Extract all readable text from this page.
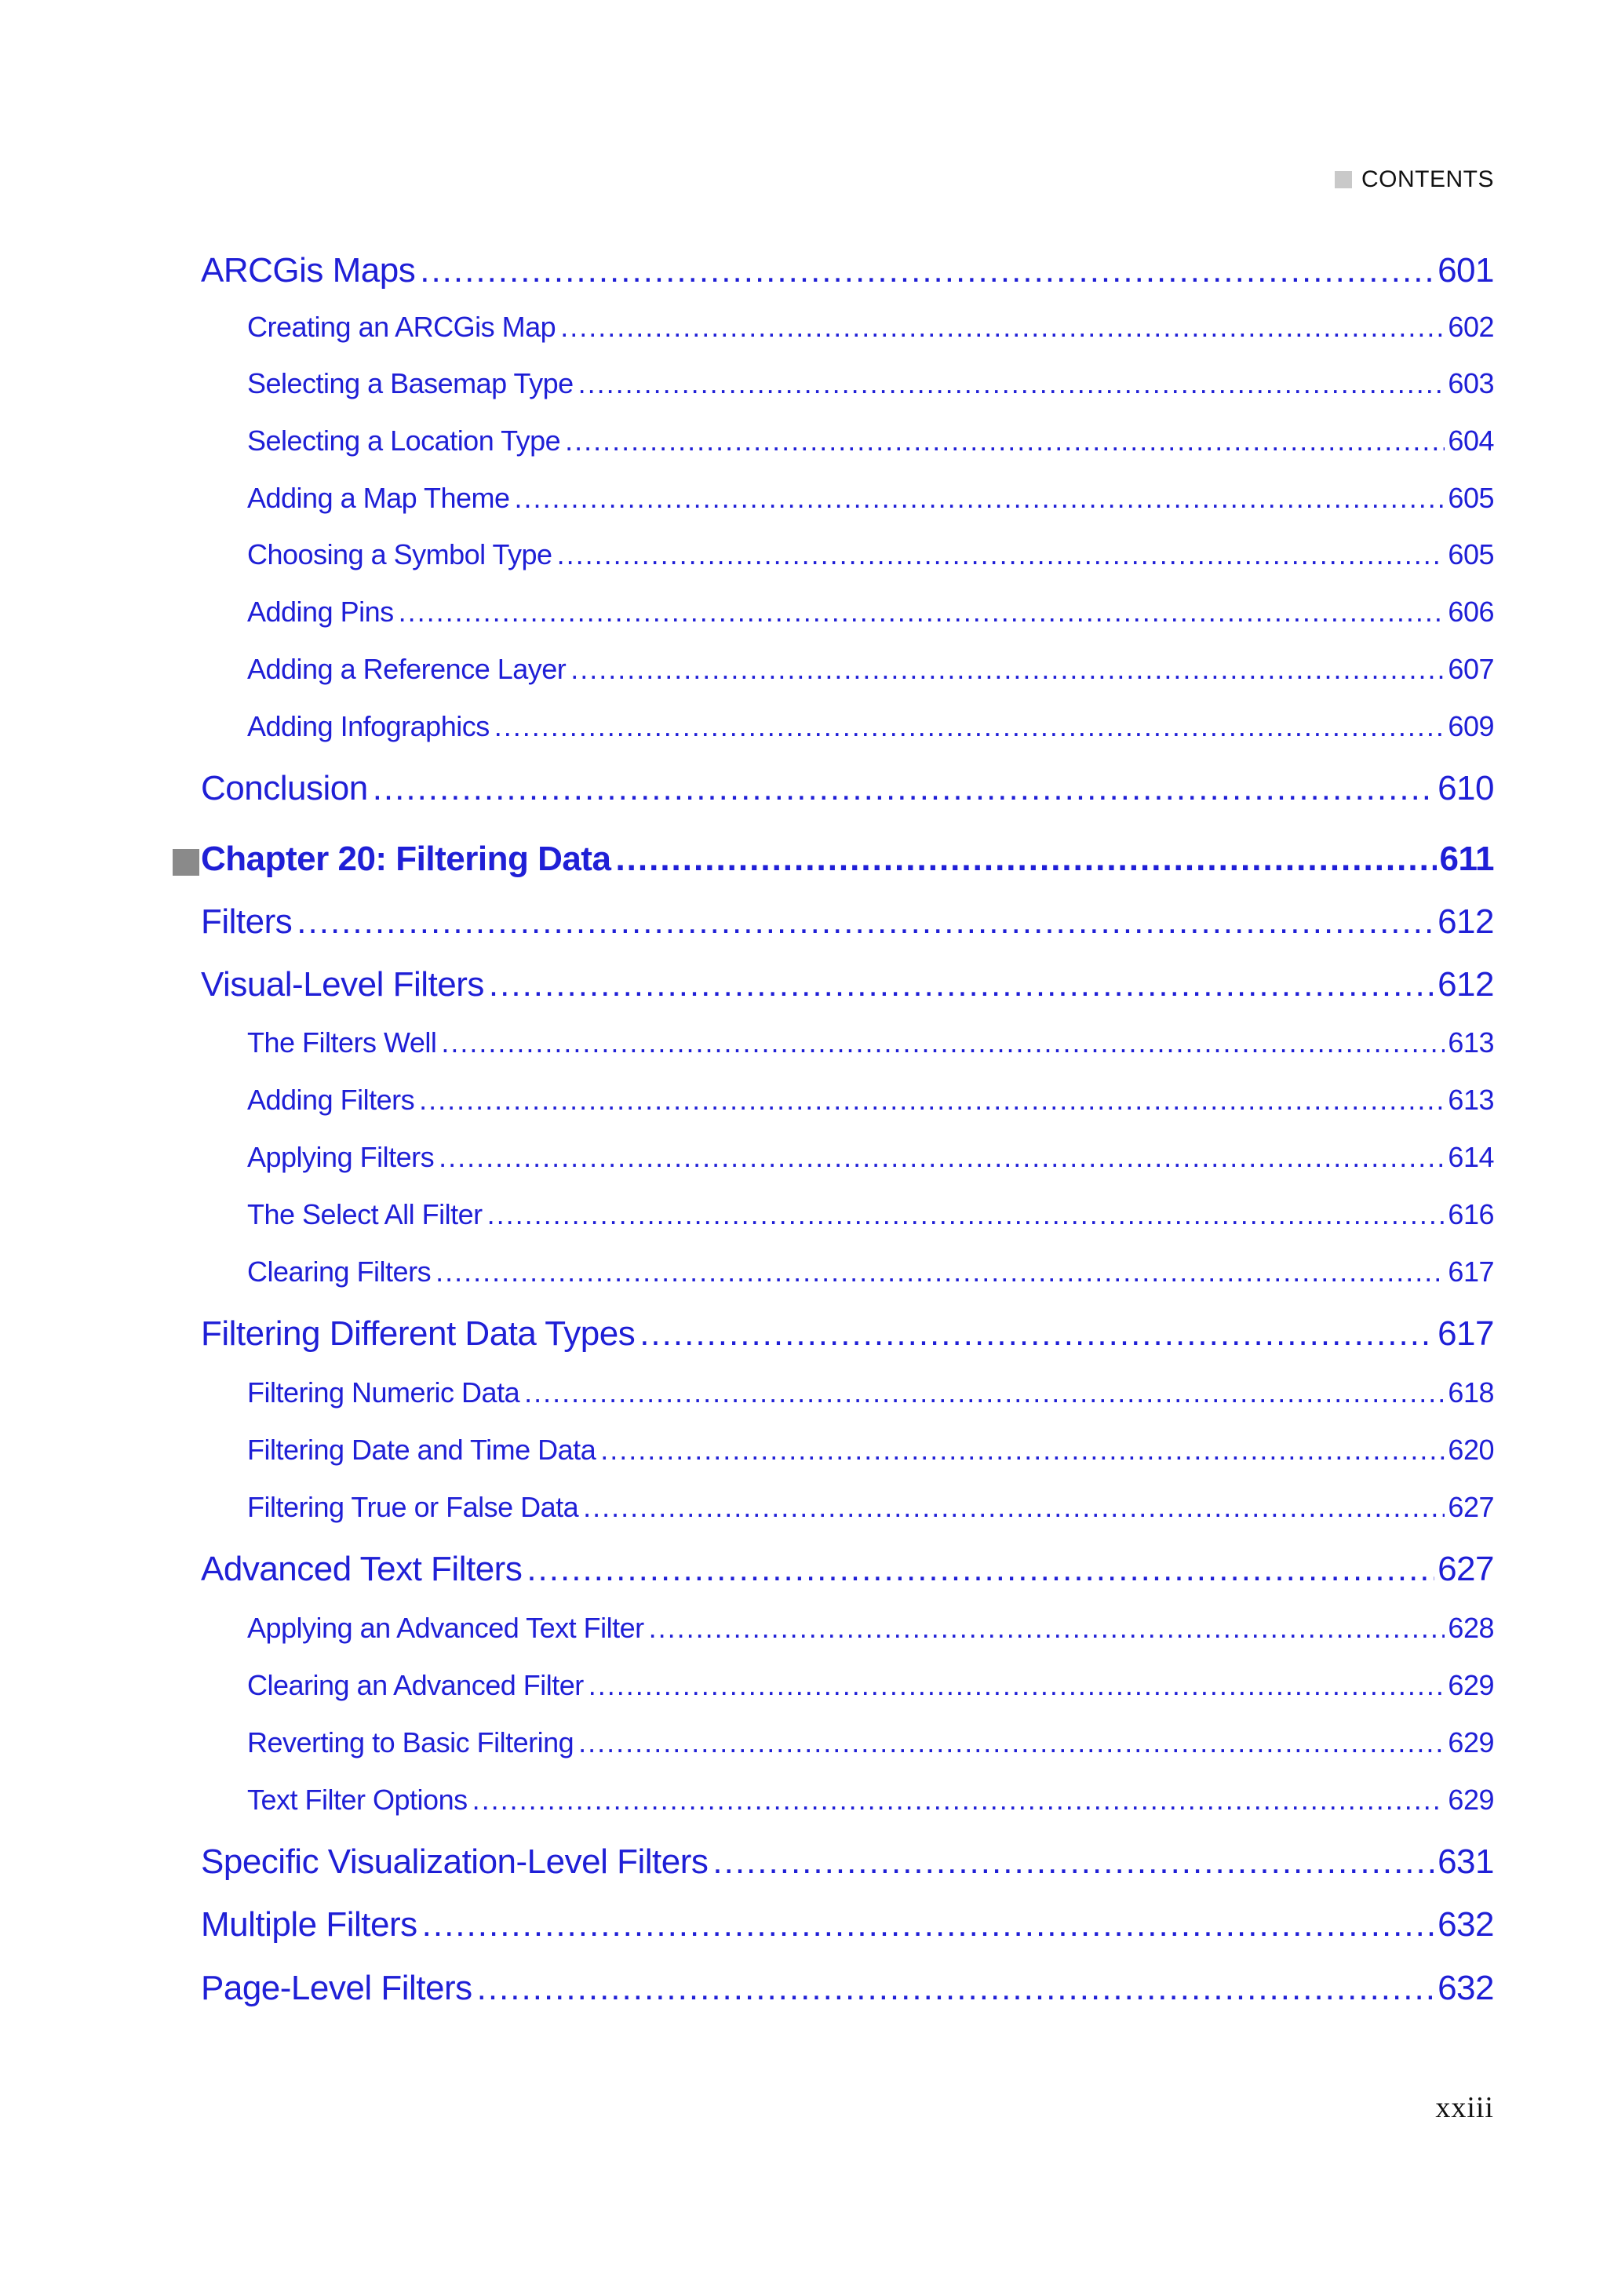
CONTENTS
ARCGis Maps .....	601
Creating an ARCGis Map .....	602
Selecting a Basemap Type .....	603
Selecting a Location Type .....	604
Adding a Map Theme .....	605
Choosing a Symbol Type .....	605
Adding Pins .....	606
Adding a Reference Layer .....	607
Adding Infographics .....	609
Conclusion .....	610
Chapter 20: Filtering Data .....	611
Filters .....	612
Visual-Level Filters .....	612
The Filters Well .....	613
Adding Filters .....	613
Applying Filters .....	614
The Select All Filter .....	616
Clearing Filters .....	617
Filtering Different Data Types .....	617
Filtering Numeric Data .....	618
Filtering Date and Time Data .....	620
Filtering True or False Data .....	627
Advanced Text Filters .....	627
Applying an Advanced Text Filter .....	628
Clearing an Advanced Filter .....	629
Reverting to Basic Filtering .....	629
Text Filter Options .....	629
Specific Visualization-Level Filters .....	631
Multiple Filters .....	632
Page-Level Filters .....	632
xxiii
